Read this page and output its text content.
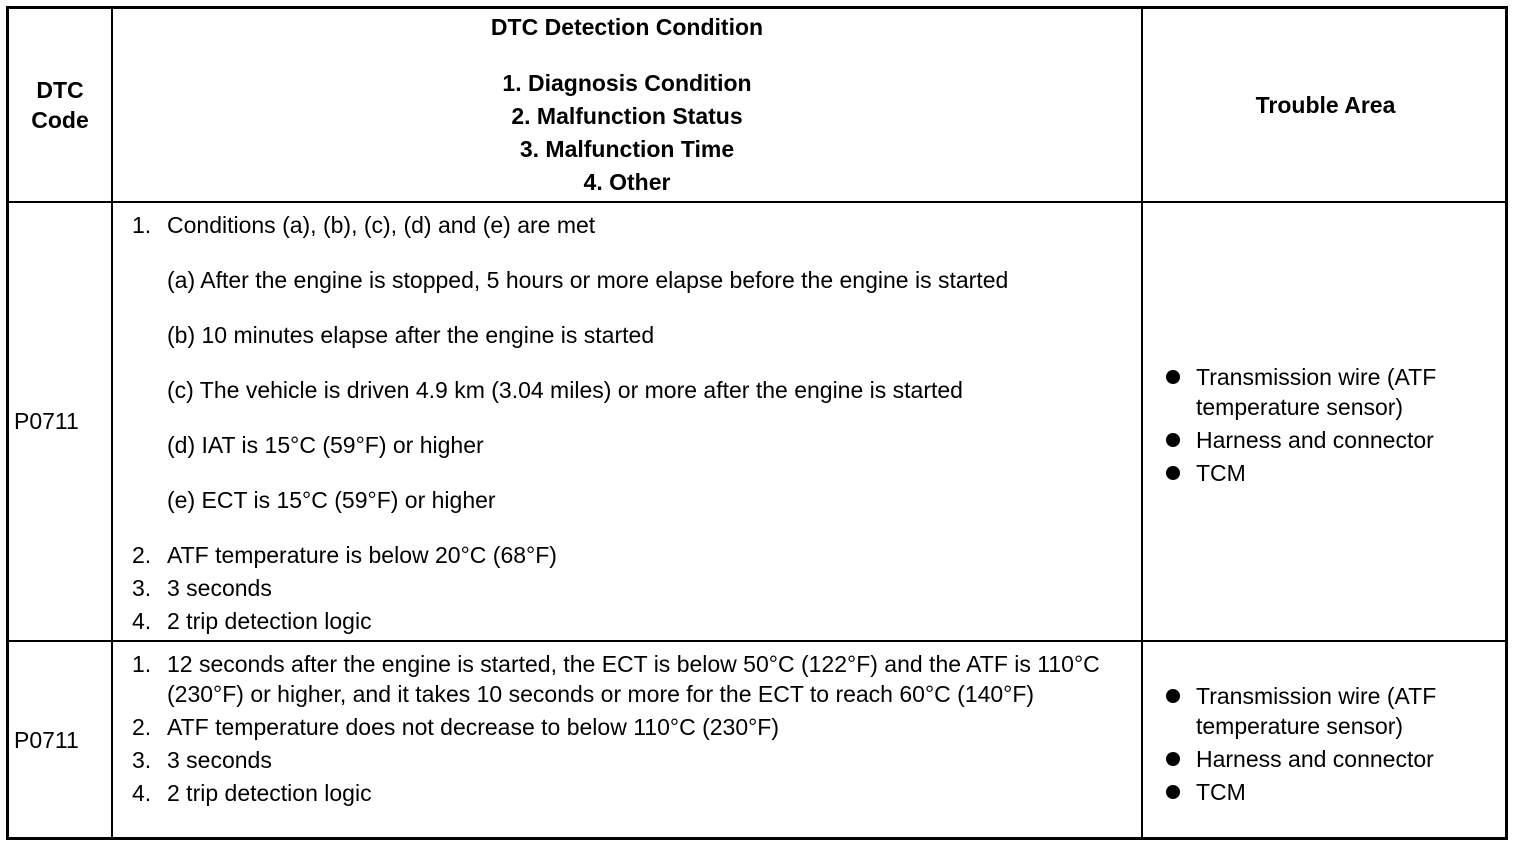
DTC Code
DTC Detection Condition
1. Diagnosis Condition
2. Malfunction Status
3. Malfunction Time
4. Other
Trouble Area
P0711
1. Conditions (a), (b), (c), (d) and (e) are met
(a) After the engine is stopped, 5 hours or more elapse before the engine is started
(b) 10 minutes elapse after the engine is started
(c) The vehicle is driven 4.9 km (3.04 miles) or more after the engine is started
(d) IAT is 15°C (59°F) or higher
(e) ECT is 15°C (59°F) or higher
2. ATF temperature is below 20°C (68°F)
3. 3 seconds
4. 2 trip detection logic
Transmission wire (ATF temperature sensor)
Harness and connector
TCM
P0711
1. 12 seconds after the engine is started, the ECT is below 50°C (122°F) and the ATF is 110°C (230°F) or higher, and it takes 10 seconds or more for the ECT to reach 60°C (140°F)
2. ATF temperature does not decrease to below 110°C (230°F)
3. 3 seconds
4. 2 trip detection logic
Transmission wire (ATF temperature sensor)
Harness and connector
TCM
